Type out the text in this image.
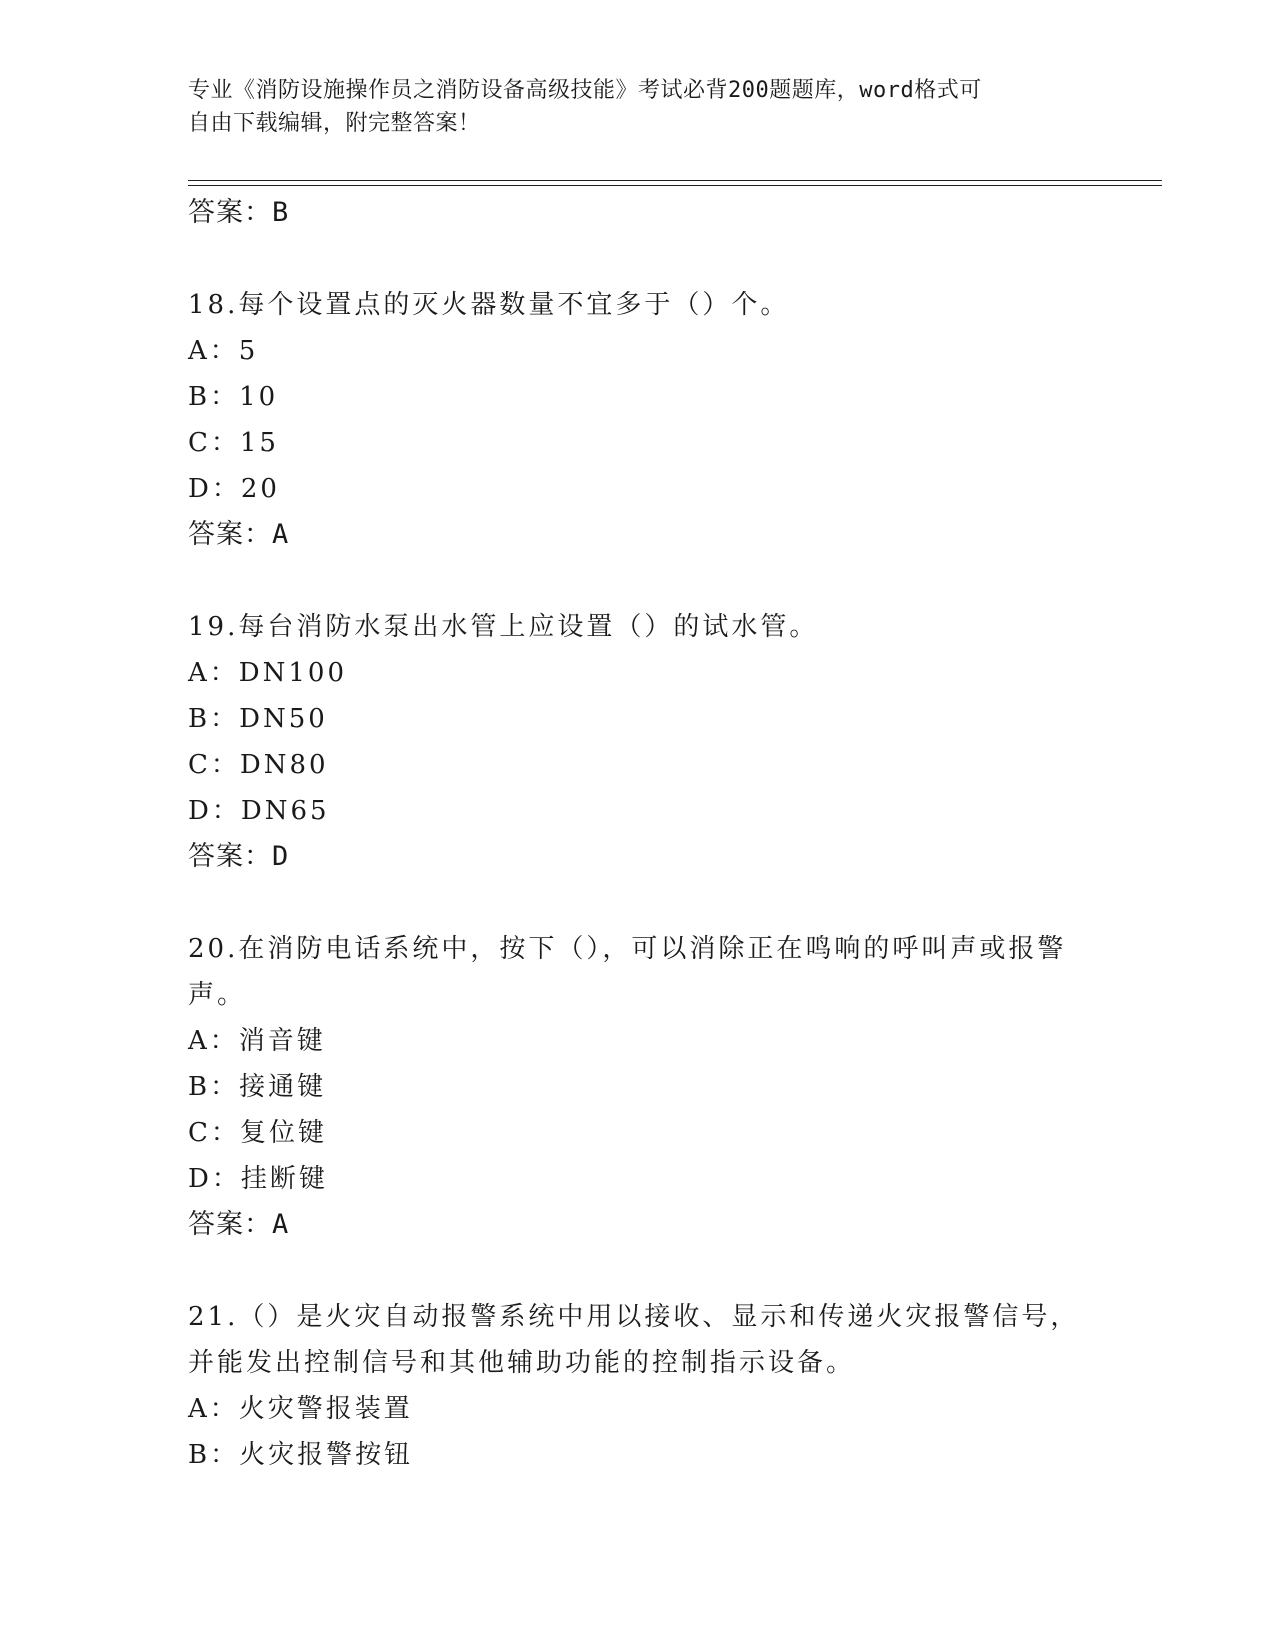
专业《消防设施操作员之消防设备高级技能》考试必背200题题库，word格式可
自由下载编辑，附完整答案！
答案：B
18.每个设置点的灭火器数量不宜多于（）个。
A：5
B：10
C：15
D：20
答案：A
19.每台消防水泵出水管上应设置（）的试水管。
A：DN100
B：DN50
C：DN80
D：DN65
答案：D
20.在消防电话系统中，按下（），可以消除正在鸣响的呼叫声或报警
声。
A：消音键
B：接通键
C：复位键
D：挂断键
答案：A
21.（）是火灾自动报警系统中用以接收、显示和传递火灾报警信号，
并能发出控制信号和其他辅助功能的控制指示设备。
A：火灾警报装置
B：火灾报警按钮
